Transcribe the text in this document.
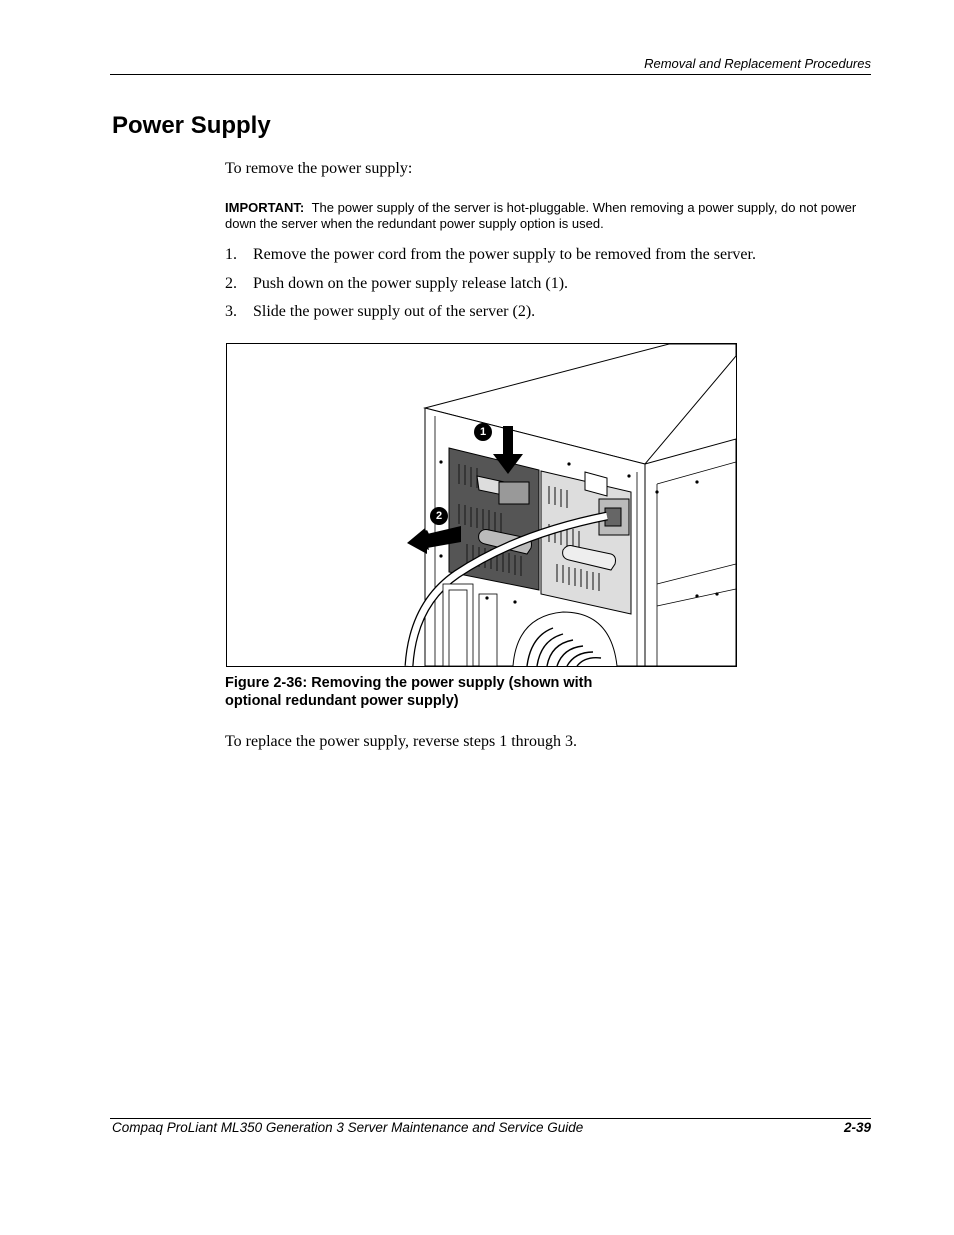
Removal and Replacement Procedures
Power Supply
To remove the power supply:
IMPORTANT: The power supply of the server is hot-pluggable. When removing a power supply, do not power down the server when the redundant power supply option is used.
1.	Remove the power cord from the power supply to be removed from the server.
2.	Push down on the power supply release latch (1).
3.	Slide the power supply out of the server (2).
1
2
Figure 2-36: Removing the power supply (shown with
optional redundant power supply)
To replace the power supply, reverse steps 1 through 3.
Compaq ProLiant ML350 Generation 3 Server Maintenance and Service Guide	2-39
